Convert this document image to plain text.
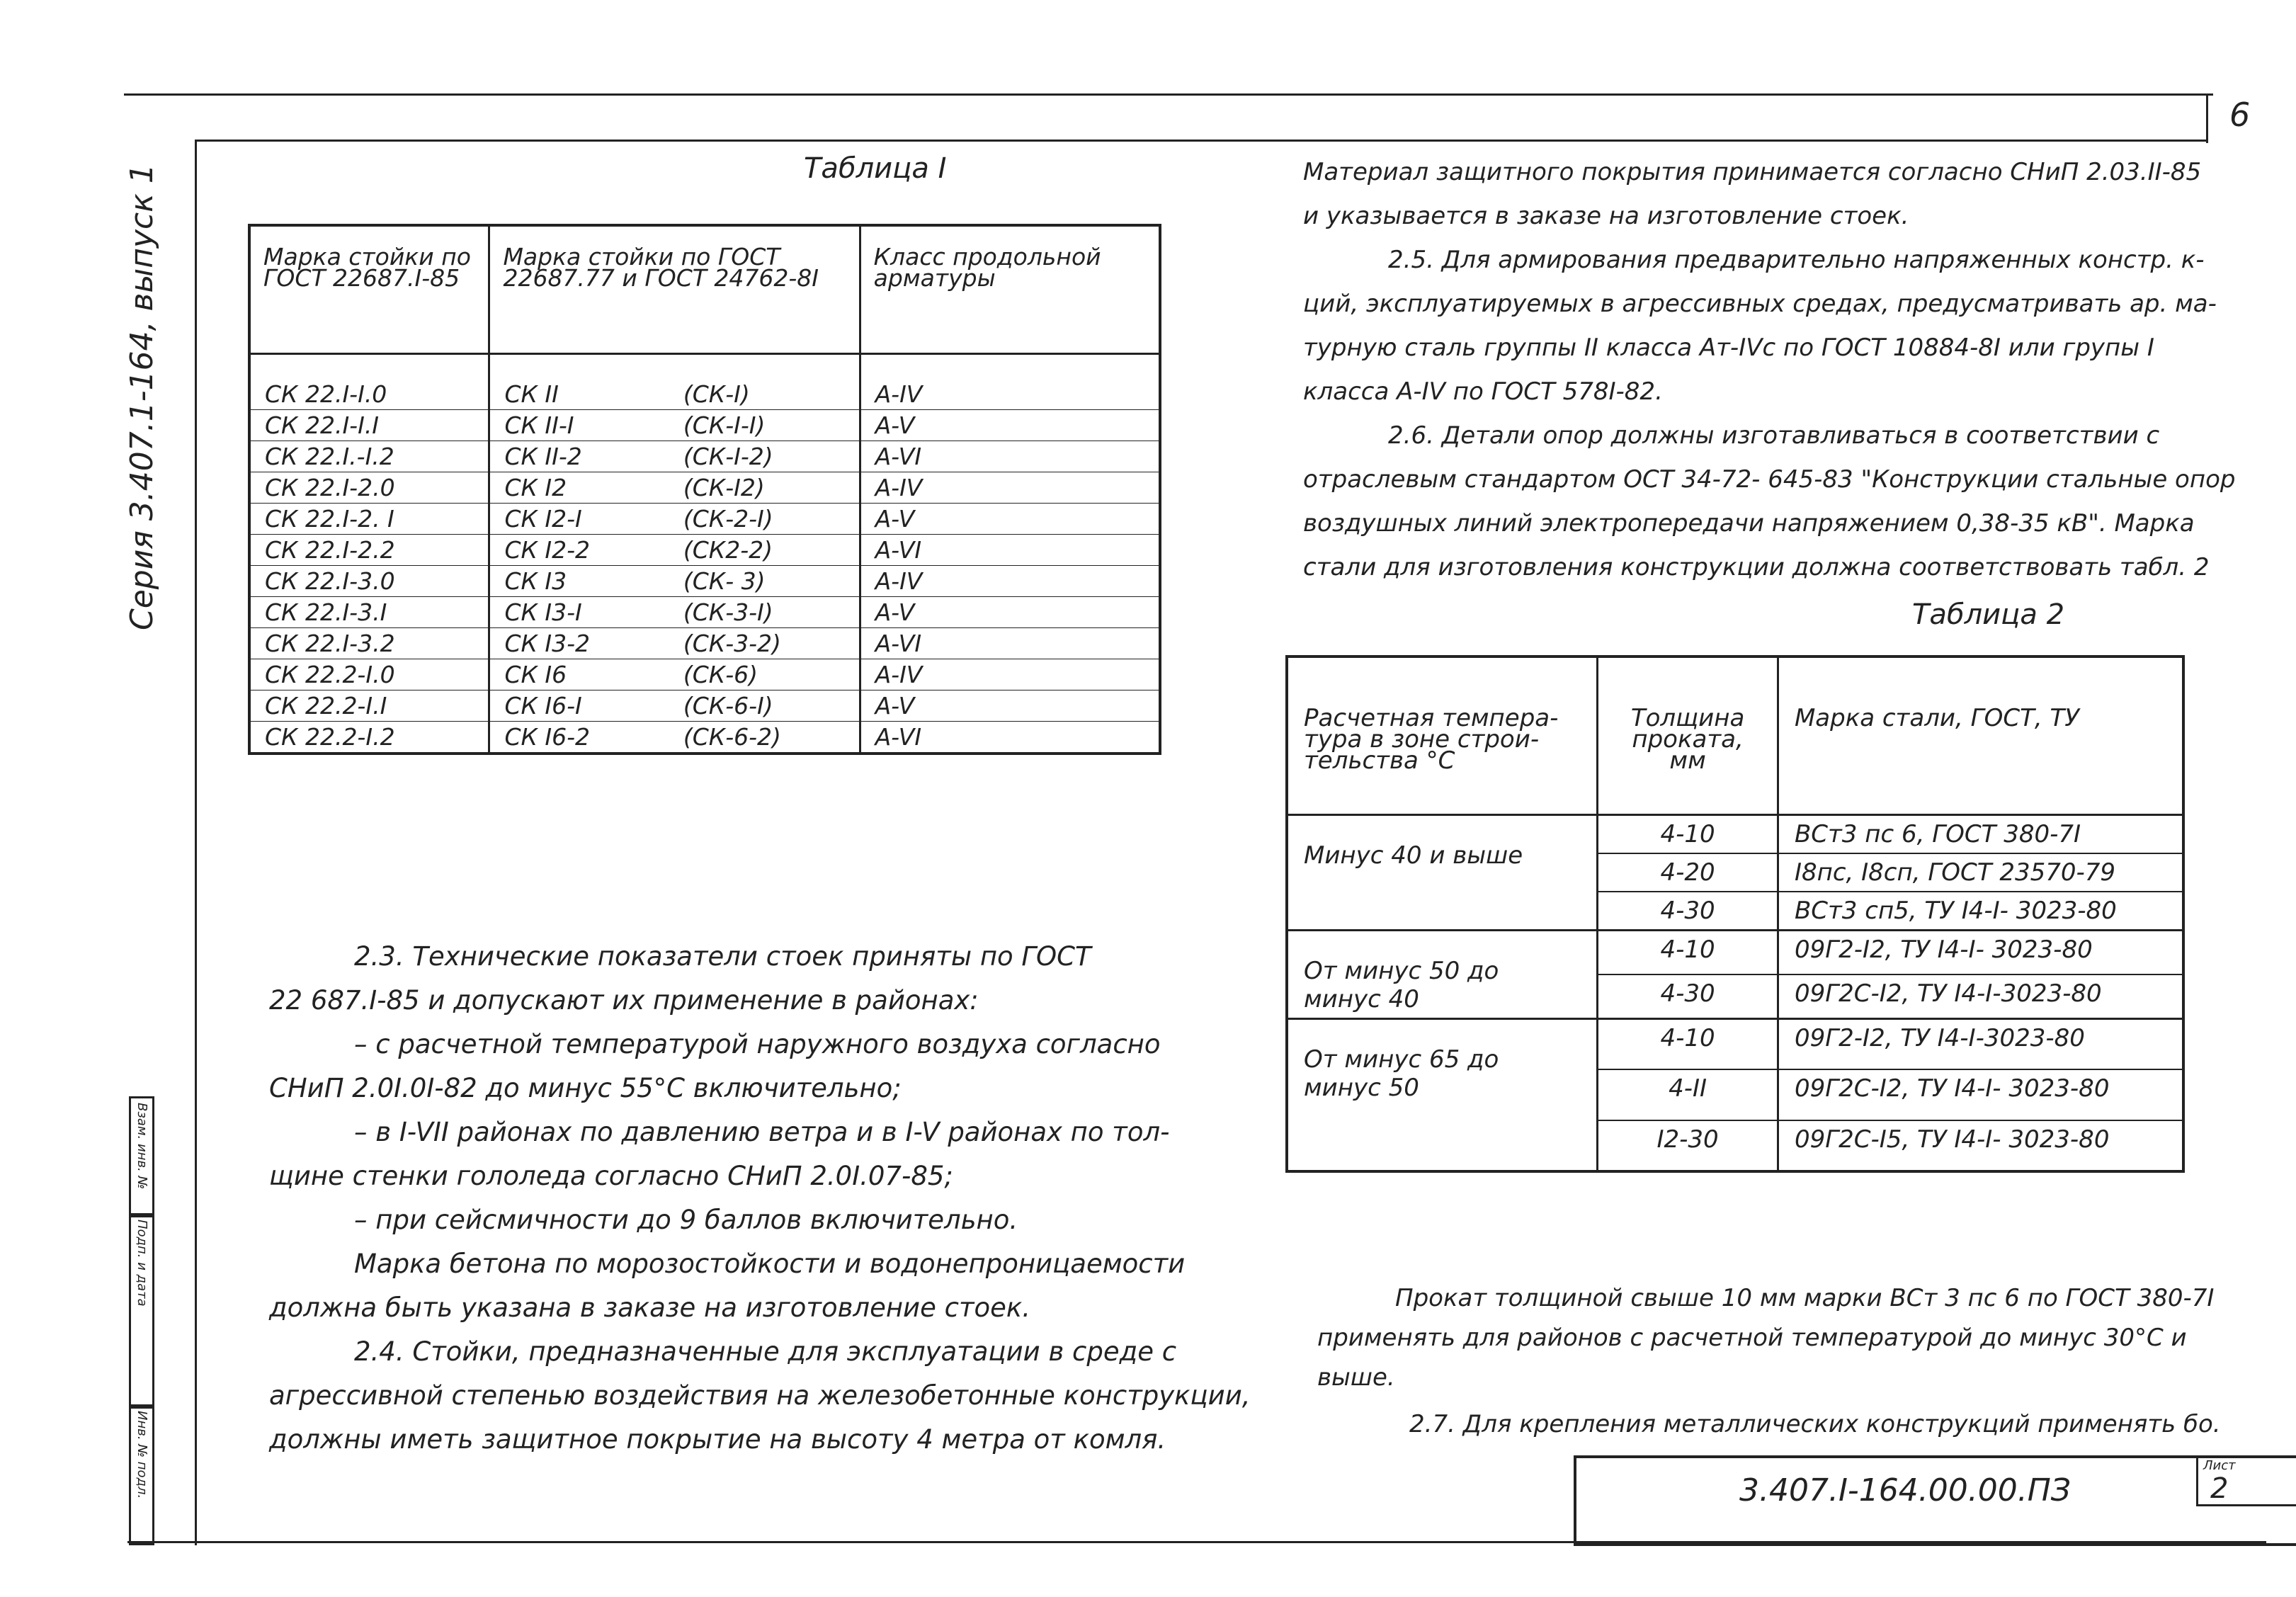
6
Серия 3.407.1-164, выпуск 1
Взам. инв. №
Подп. и дата
Инв. № подл.
Таблица I
Марка стойки по ГОСТ 22687.I-85	Марка стойки по ГОСТ 22687.77 и ГОСТ 24762-8I		Класс продольной арматуры
СК 22.I-I.0	СК II	(СК-I)	A-IV
СК 22.I-I.I	СК II-I	(СК-I-I)	A-V
СК 22.I.-I.2	СК II-2	(СК-I-2)	A-VI
СК 22.I-2.0	СК I2	(СК-I2)	A-IV
СК 22.I-2. I	СК I2-I	(СК-2-I)	A-V
СК 22.I-2.2	СК I2-2	(СК2-2)	A-VI
СК 22.I-3.0	СК I3	(СК- 3)	A-IV
СК 22.I-3.I	СК I3-I	(СК-3-I)	A-V
СК 22.I-3.2	СК I3-2	(СК-3-2)	A-VI
СК 22.2-I.0	СК I6	(СК-6)	A-IV
СК 22.2-I.I	СК I6-I	(СК-6-I)	A-V
СК 22.2-I.2	СК I6-2	(СК-6-2)	A-VI
2.3. Технические показатели стоек приняты по ГОСТ
22 687.I-85 и допускают их применение в районах:
– с расчетной температурой наружного воздуха согласно
СНиП 2.0I.0I-82 до минус 55°С включительно;
– в I-VII районах по давлению ветра и в I-V районах по тол-
щине стенки гололеда согласно СНиП 2.0I.07-85;
– при сейсмичности до 9 баллов включительно.
Марка бетона по морозостойкости и водонепроницаемости
должна быть указана в заказе на изготовление стоек.
2.4. Стойки, предназначенные для эксплуатации в среде с
агрессивной степенью воздействия на железобетонные конструкции,
должны иметь защитное покрытие на высоту 4 метра от комля.
Материал защитного покрытия принимается согласно СНиП 2.03.II-85
и указывается в заказе на изготовление стоек.
2.5. Для армирования предварительно напряженных констр. к-
ций, эксплуатируемых в агрессивных средах, предусматривать ар. ма-
турную сталь группы II класса Ат-IVс по ГОСТ 10884-8I или групы I
класса A-IV по ГОСТ 578I-82.
2.6. Детали опор должны изготавливаться в соответствии с
отраслевым стандартом ОСТ 34-72- 645-83 "Конструкции стальные опор
воздушных линий электропередачи напряжением 0,38-35 кВ". Марка
стали для изготовления конструкции должна соответствовать табл. 2
Таблица 2
Расчетная темпера-тура в зоне строи-тельства °С	Толщина проката, мм	Марка стали, ГОСТ, ТУ
Минус 40 и выше	4-10	ВСт3 пс 6, ГОСТ 380-7I
	4-20	I8пс, I8сп, ГОСТ 23570-79
	4-30	ВСт3 сп5, ТУ I4-I- 3023-80
От минус 50 до минус 40	4-10	09Г2-I2, ТУ I4-I- 3023-80
	4-30	09Г2С-I2, ТУ I4-I-3023-80
От минус 65 до минус 50	4-10	09Г2-I2, ТУ I4-I-3023-80
	4-II	09Г2С-I2, ТУ I4-I- 3023-80
	I2-30	09Г2С-I5, ТУ I4-I- 3023-80
Прокат толщиной свыше 10 мм марки ВСт 3 пс 6 по ГОСТ 380-7I
применять для районов с расчетной температурой до минус 30°С и
выше.
2.7. Для крепления металлических конструкций применять бо.
3.407.I-164.00.00.ПЗ
Лист
2
